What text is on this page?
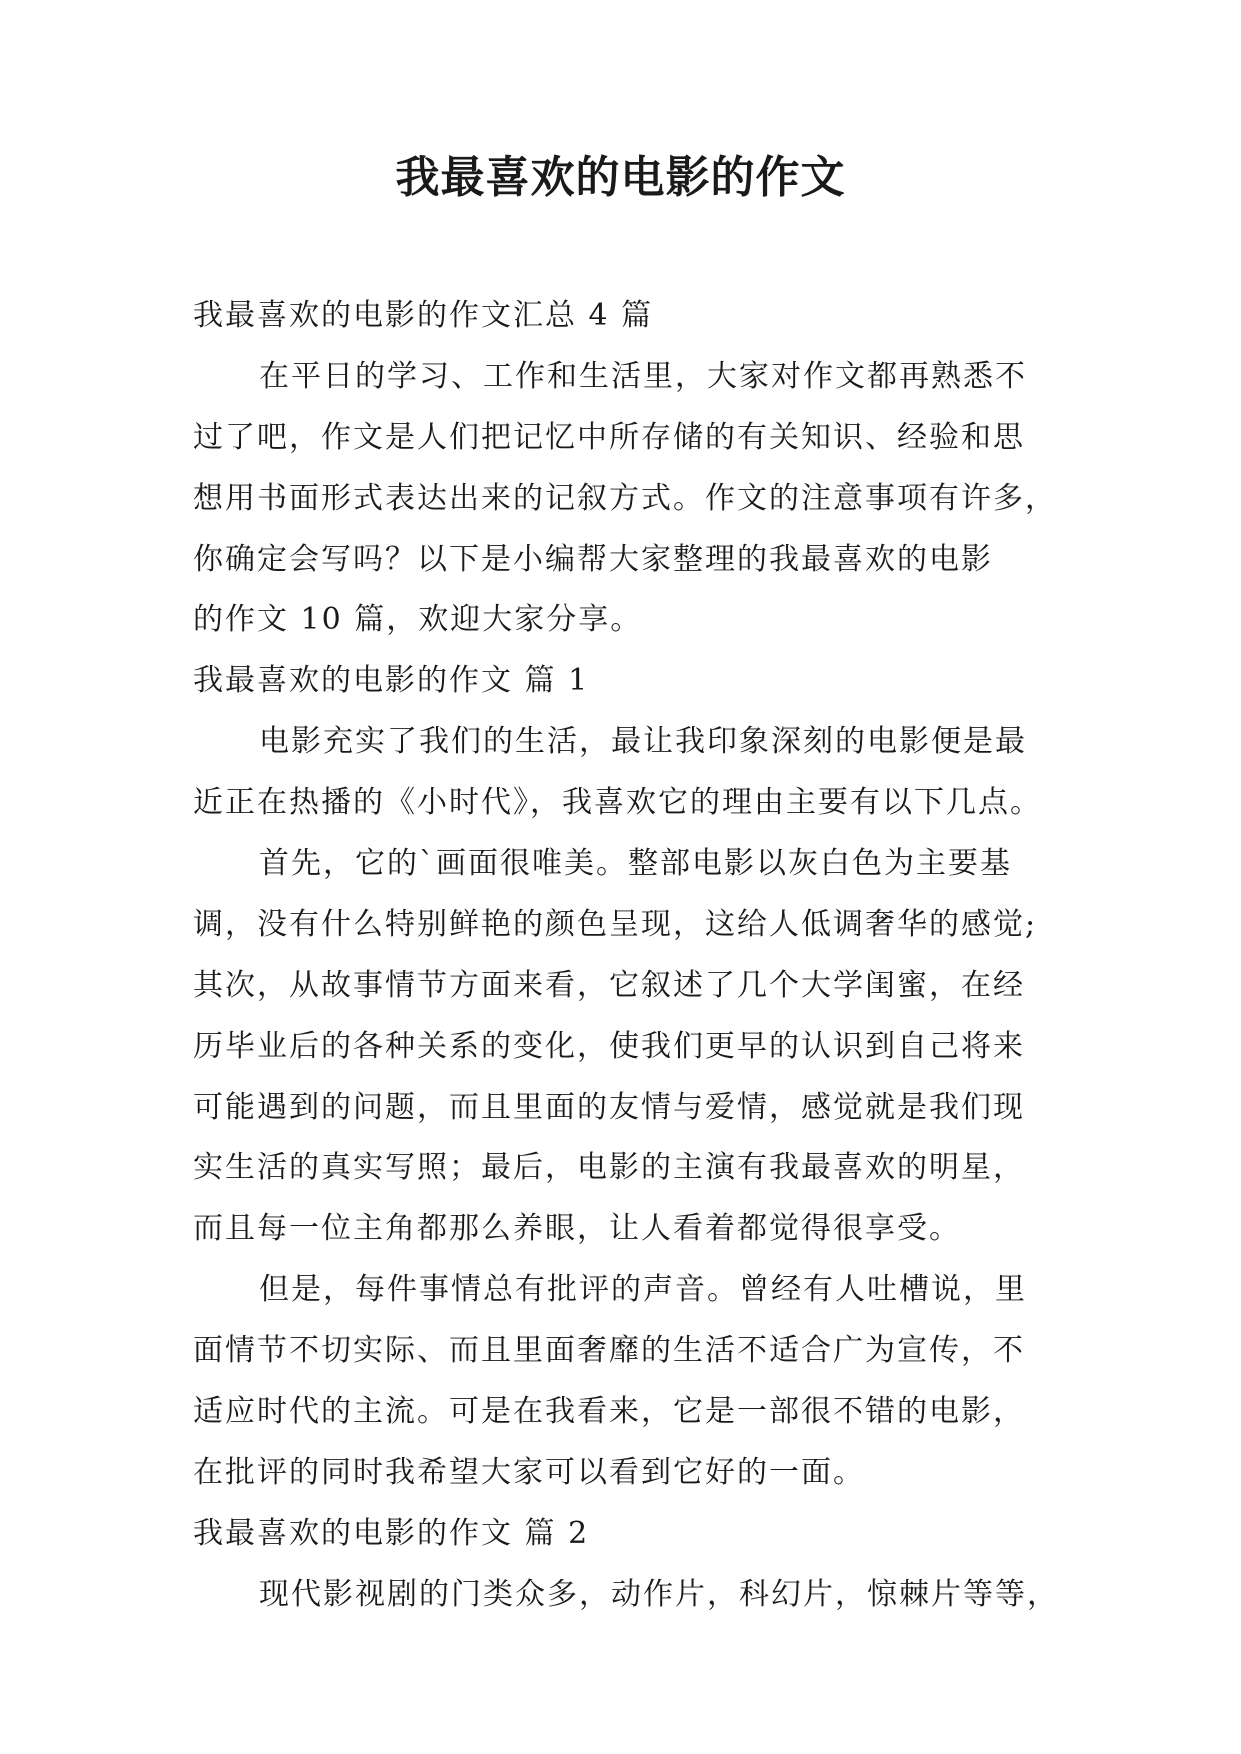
我最喜欢的电影的作文
我最喜欢的电影的作文汇总 4 篇
在平日的学习、工作和生活里，大家对作文都再熟悉不
过了吧，作文是人们把记忆中所存储的有关知识、经验和思
想用书面形式表达出来的记叙方式。作文的注意事项有许多，
你确定会写吗？以下是小编帮大家整理的我最喜欢的电影
的作文 10 篇，欢迎大家分享。
我最喜欢的电影的作文 篇 1
电影充实了我们的生活，最让我印象深刻的电影便是最
近正在热播的《小时代》，我喜欢它的理由主要有以下几点。
首先，它的`画面很唯美。整部电影以灰白色为主要基
调，没有什么特别鲜艳的颜色呈现，这给人低调奢华的感觉;
其次，从故事情节方面来看，它叙述了几个大学闺蜜，在经
历毕业后的各种关系的变化，使我们更早的认识到自己将来
可能遇到的问题，而且里面的友情与爱情，感觉就是我们现
实生活的真实写照；最后，电影的主演有我最喜欢的明星，
而且每一位主角都那么养眼，让人看着都觉得很享受。
但是，每件事情总有批评的声音。曾经有人吐槽说，里
面情节不切实际、而且里面奢靡的生活不适合广为宣传，不
适应时代的主流。可是在我看来，它是一部很不错的电影，
在批评的同时我希望大家可以看到它好的一面。
我最喜欢的电影的作文 篇 2
现代影视剧的门类众多，动作片，科幻片，惊棘片等等，
